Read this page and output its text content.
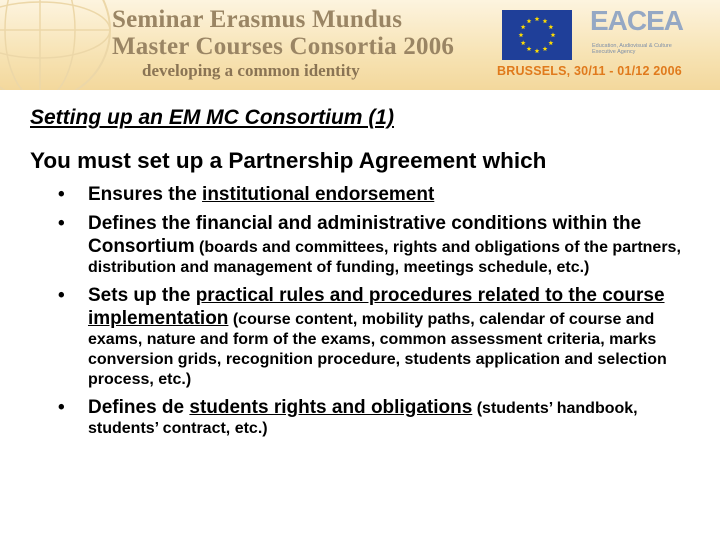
Seminar Erasmus Mundus
Master Courses Consortia 2006
developing a common identity
EACEA
Education, Audiovisual & Culture Executive Agency
BRUSSELS, 30/11 - 01/12 2006
Setting up an EM MC Consortium (1)
You must set up a Partnership Agreement which
• Ensures the institutional endorsement
• Defines the financial and administrative conditions within the Consortium (boards and committees, rights and obligations of the partners, distribution and management of funding, meetings schedule, etc.)
• Sets up the practical rules and procedures related to the course implementation (course content, mobility paths, calendar of course and exams, nature and form of the exams, common assessment criteria, marks conversion grids, recognition procedure, students application and selection process, etc.)
• Defines de students rights and obligations (students’ handbook, students’ contract, etc.)
